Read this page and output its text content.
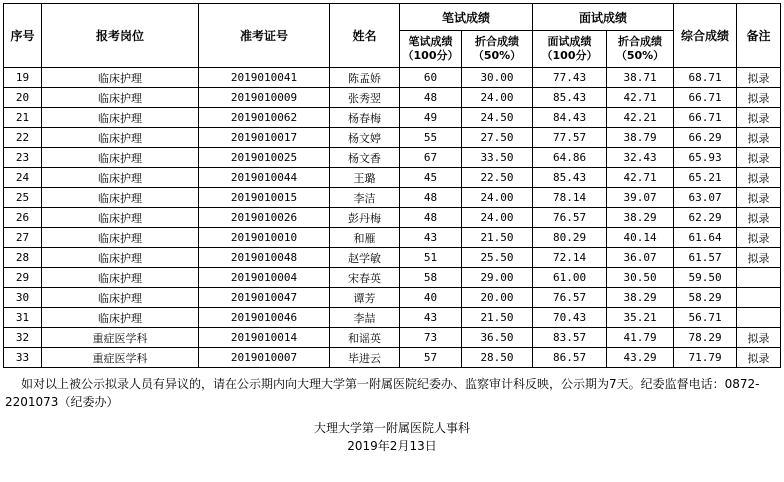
序号	报考岗位	准考证号	姓名	笔试成绩		面试成绩		综合成绩	备注
				笔试成绩（100分）	折合成绩（50%）	面试成绩（100分）	折合成绩（50%）		
19	临床护理	2019010041	陈孟娇	60	30.00	77.43	38.71	68.71	拟录
20	临床护理	2019010009	张秀翌	48	24.00	85.43	42.71	66.71	拟录
21	临床护理	2019010062	杨春梅	49	24.50	84.43	42.21	66.71	拟录
22	临床护理	2019010017	杨文婷	55	27.50	77.57	38.79	66.29	拟录
23	临床护理	2019010025	杨文香	67	33.50	64.86	32.43	65.93	拟录
24	临床护理	2019010044	王璐	45	22.50	85.43	42.71	65.21	拟录
25	临床护理	2019010015	李洁	48	24.00	78.14	39.07	63.07	拟录
26	临床护理	2019010026	彭丹梅	48	24.00	76.57	38.29	62.29	拟录
27	临床护理	2019010010	和雁	43	21.50	80.29	40.14	61.64	拟录
28	临床护理	2019010048	赵学敏	51	25.50	72.14	36.07	61.57	拟录
29	临床护理	2019010004	宋春英	58	29.00	61.00	30.50	59.50	
30	临床护理	2019010047	谭芳	40	20.00	76.57	38.29	58.29	
31	临床护理	2019010046	李喆	43	21.50	70.43	35.21	56.71	
32	重症医学科	2019010014	和谣英	73	36.50	83.57	41.79	78.29	拟录
33	重症医学科	2019010007	毕进云	57	28.50	86.57	43.29	71.79	拟录
如对以上被公示拟录人员有异议的，请在公示期内向大理大学第一附属医院纪委办、监察审计科反映，公示期为7天。纪委监督电话：0872-2201073（纪委办）
大理大学第一附属医院人事科
2019年2月13日
